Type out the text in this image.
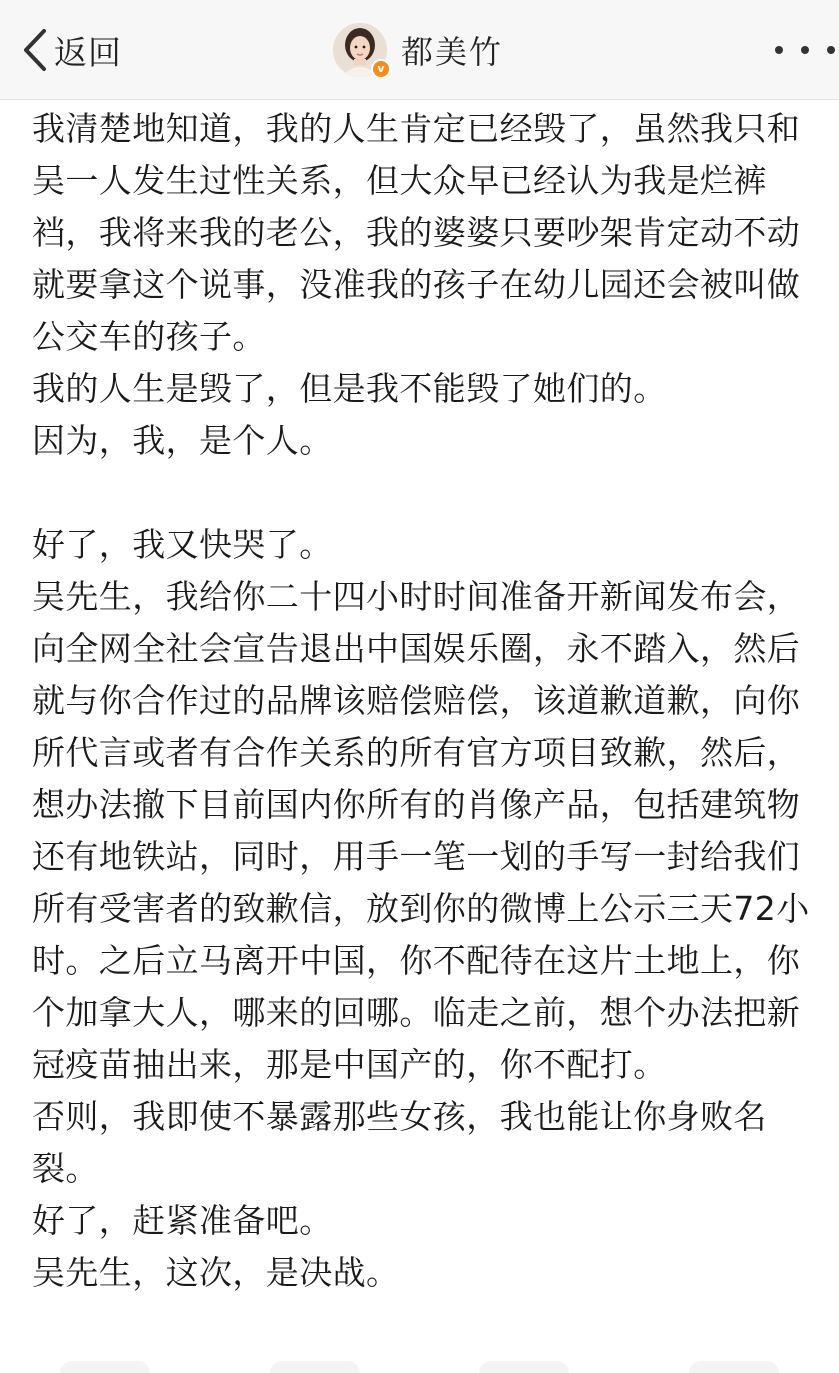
返回	v 都美竹

我清楚地知道，我的人生肯定已经毁了，虽然我只和吴一人发生过性关系，但大众早已经认为我是烂裤裆，我将来我的老公，我的婆婆只要吵架肯定动不动就要拿这个说事，没准我的孩子在幼儿园还会被叫做公交车的孩子。

我的人生是毁了，但是我不能毁了她们的。

因为，我，是个人。

好了，我又快哭了。

吴先生，我给你二十四小时时间准备开新闻发布会，向全网全社会宣告退出中国娱乐圈，永不踏入，然后就与你合作过的品牌该赔偿赔偿，该道歉道歉，向你所代言或者有合作关系的所有官方项目致歉，然后，想办法撤下目前国内你所有的肖像产品，包括建筑物还有地铁站，同时，用手一笔一划的手写一封给我们所有受害者的致歉信，放到你的微博上公示三天72小时。之后立马离开中国，你不配待在这片土地上，你个加拿大人，哪来的回哪。临走之前，想个办法把新冠疫苗抽出来，那是中国产的，你不配打。

否则，我即使不暴露那些女孩，我也能让你身败名裂。

好了，赶紧准备吧。

吴先生，这次，是决战。
